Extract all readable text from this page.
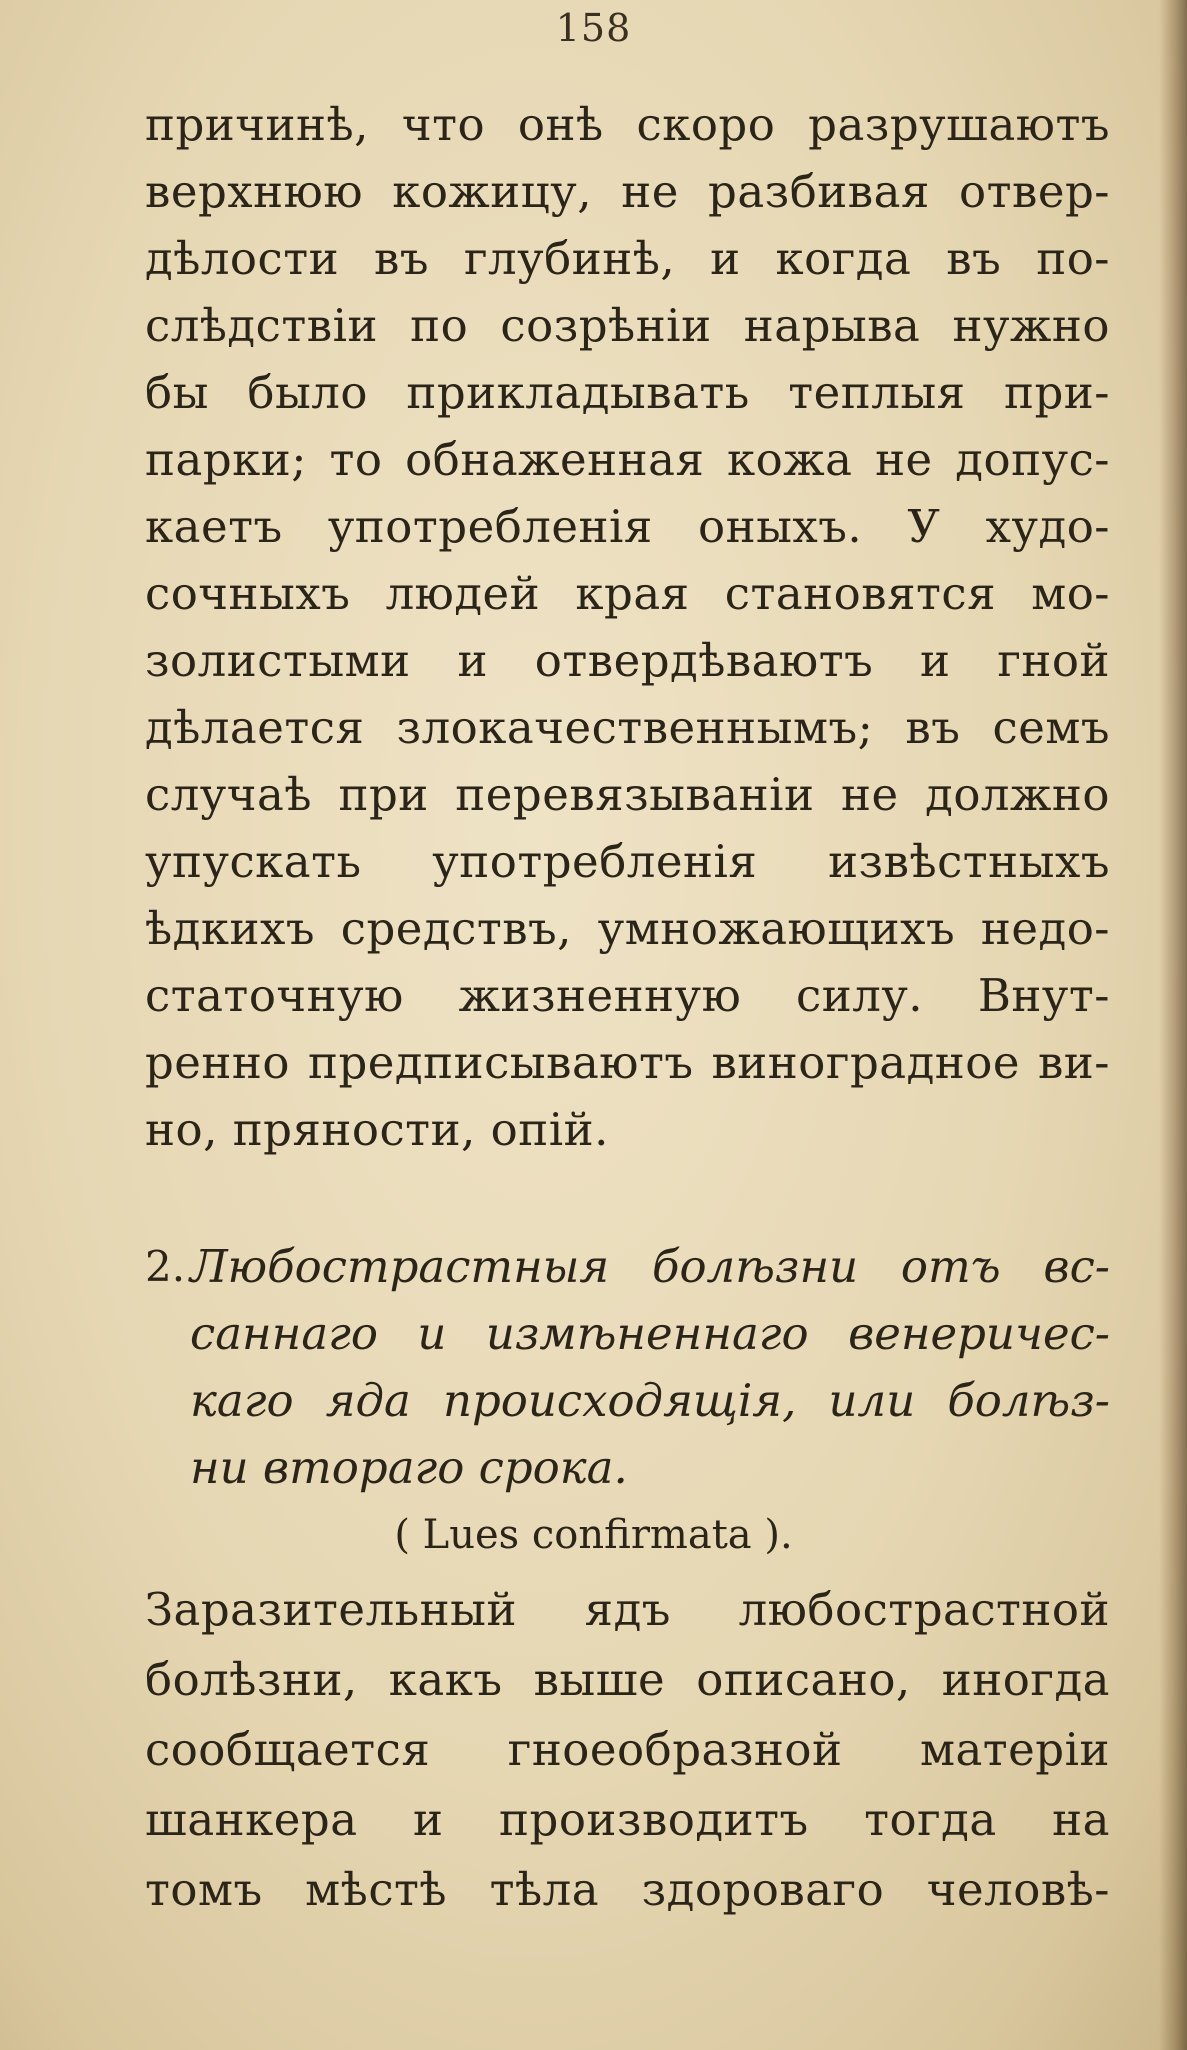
158
причинѣ, что онѣ скоро разрушаютъ
верхнюю кожицу, не разбивая отвер-
дѣлости въ глубинѣ, и когда въ по-
слѣдствіи по созрѣніи нарыва нужно
бы было прикладывать теплыя при-
парки; то обнаженная кожа не допус-
каетъ употребленія оныхъ. У худо-
сочныхъ людей края становятся мо-
золистыми и отвердѣваютъ и гной
дѣлается злокачественнымъ; въ семъ
случаѣ при перевязываніи не должно
упускать употребленія извѣстныхъ
ѣдкихъ средствъ, умножающихъ недо-
статочную жизненную силу. Внут-
ренно предписываютъ виноградное ви-
но, пряности, опій.
2. Любострастныя болѣзни отъ вс-
саннаго и измѣненнаго венеричес-
каго яда происходящія, или болѣз-
ни втораго срока.
( Lues confirmata ).
Заразительный ядъ любострастной
болѣзни, какъ выше описано, иногда
сообщается гноеобразной матеріи
шанкера и производитъ тогда на
томъ мѣстѣ тѣла здороваго человѣ-
